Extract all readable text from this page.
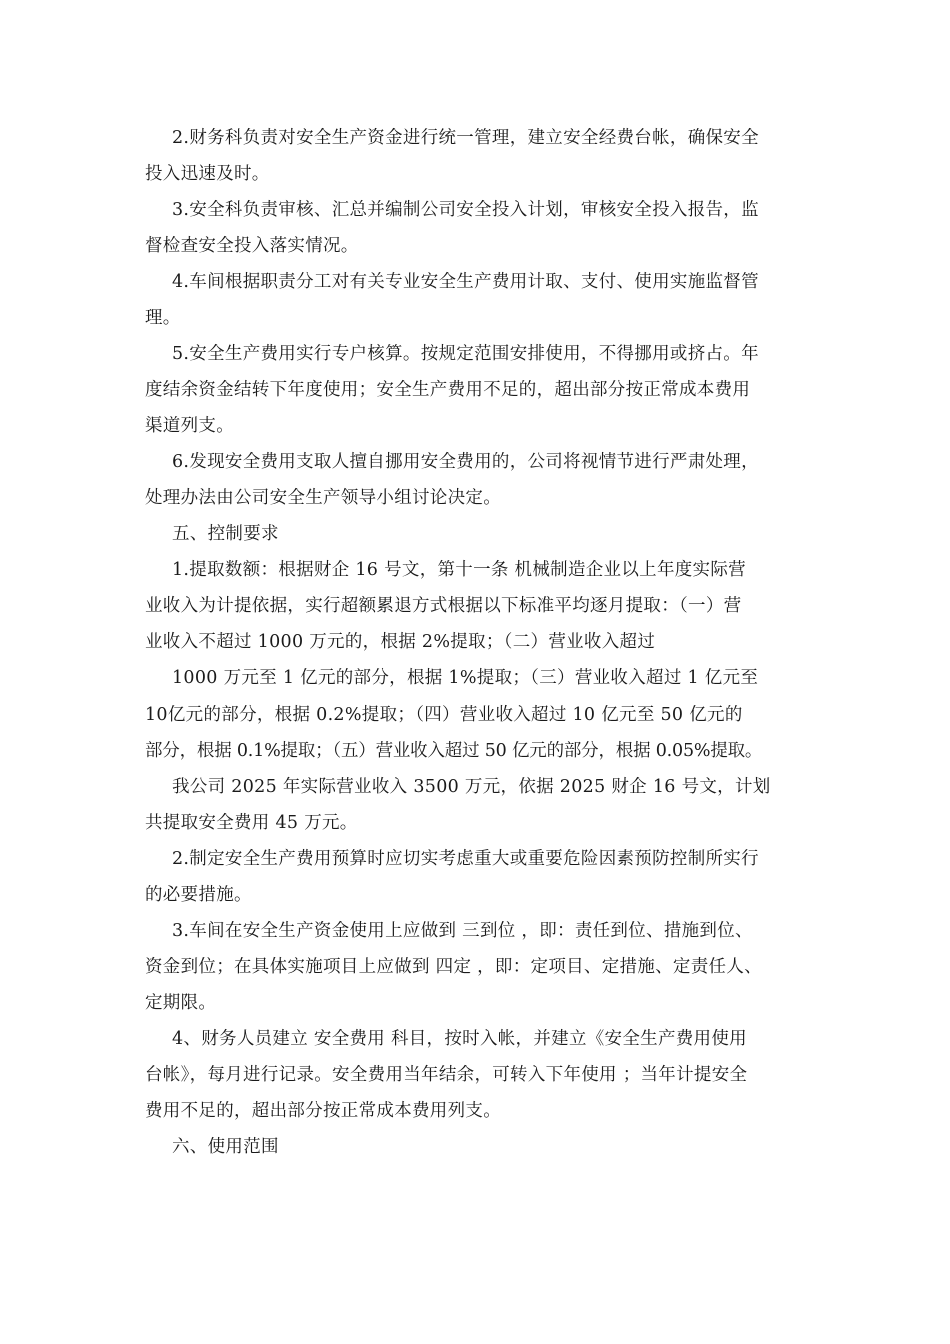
2.财务科负责对安全生产资金进行统一管理，建立安全经费台帐，确保安全
投入迅速及时。
3.安全科负责审核、汇总并编制公司安全投入计划，审核安全投入报告，监
督检查安全投入落实情况。
4.车间根据职责分工对有关专业安全生产费用计取、支付、使用实施监督管
理。
5.安全生产费用实行专户核算。按规定范围安排使用，不得挪用或挤占。年
度结余资金结转下年度使用；安全生产费用不足的，超出部分按正常成本费用
渠道列支。
6.发现安全费用支取人擅自挪用安全费用的，公司将视情节进行严肃处理，
处理办法由公司安全生产领导小组讨论决定。
五、控制要求
1.提取数额：根据财企 16 号文，第十一条 机械制造企业以上年度实际营
业收入为计提依据，实行超额累退方式根据以下标准平均逐月提取：（一）营
业收入不超过 1000 万元的，根据 2%提取；（二）营业收入超过
1000 万元至 1 亿元的部分，根据 1%提取；（三）营业收入超过 1 亿元至
10亿元的部分，根据 0.2%提取；（四）营业收入超过 10 亿元至 50 亿元的
部分，根据 0.1%提取；（五）营业收入超过 50 亿元的部分，根据 0.05%提取。
我公司 2025 年实际营业收入 3500 万元，依据 2025 财企 16 号文，计划
共提取安全费用 45 万元。
2.制定安全生产费用预算时应切实考虑重大或重要危险因素预防控制所实行
的必要措施。
3.车间在安全生产资金使用上应做到 三到位 ，即：责任到位、措施到位、
资金到位；在具体实施项目上应做到 四定 ，即：定项目、定措施、定责任人、
定期限。
4、财务人员建立 安全费用 科目，按时入帐，并建立《安全生产费用使用
台帐》，每月进行记录。安全费用当年结余，可转入下年使用 ；当年计提安全
费用不足的，超出部分按正常成本费用列支。
六、使用范围
